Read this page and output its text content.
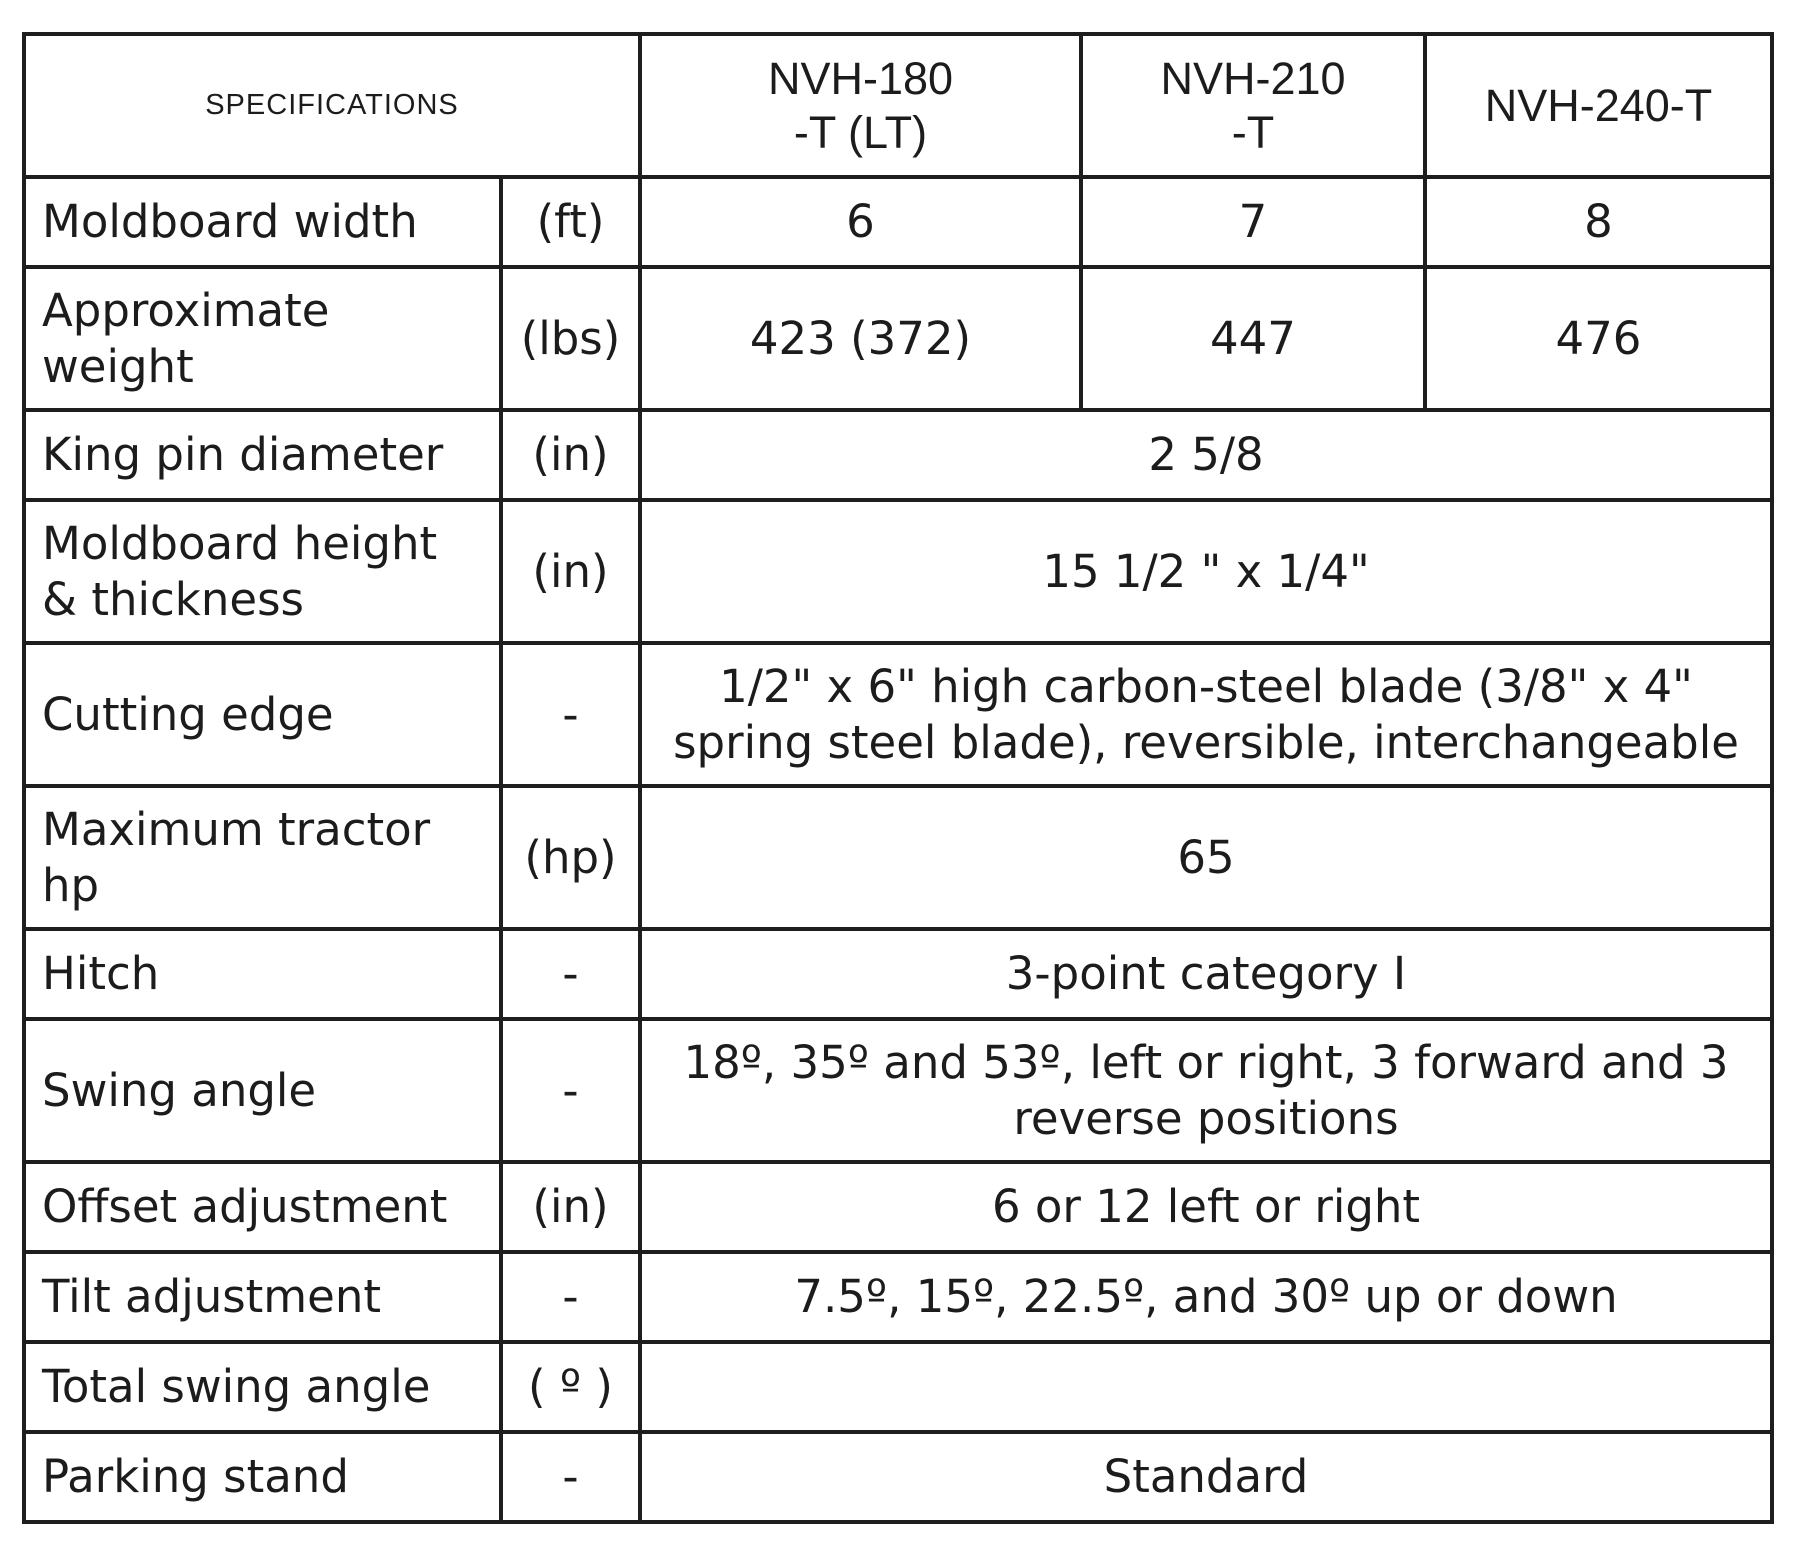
SPECIFICATIONS		NVH-180-T (LT)	NVH-210-T	NVH-240-T
Moldboard width	(ft)	6	7	8
Approximate weight	(lbs)	423 (372)	447	476
King pin diameter	(in)	2 5/8		
Moldboard height & thickness	(in)	15 1/2 " x 1/4"		
Cutting edge	-	1/2" x 6" high carbon-steel blade (3/8" x 4" spring steel blade), reversible, interchangeable		
Maximum tractor hp	(hp)	65		
Hitch	-	3-point category I		
Swing angle	-	18º, 35º and 53º, left or right, 3 forward and 3 reverse positions		
Offset adjustment	(in)	6 or 12 left or right		
Tilt adjustment	-	7.5º, 15º, 22.5º, and 30º up or down		
Total swing angle	( º )			
Parking stand	-	Standard		
